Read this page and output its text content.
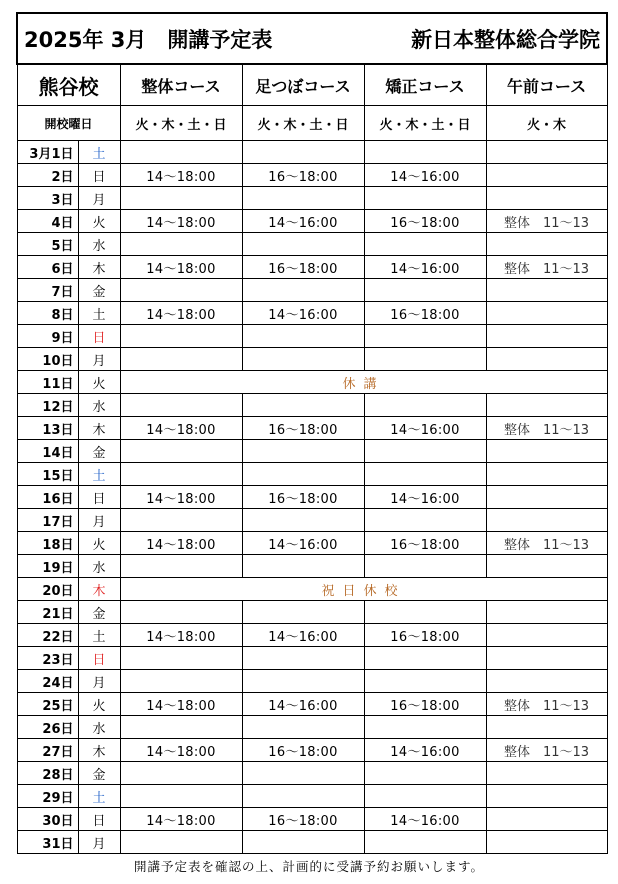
2025年 3月　開講予定表 新日本整体総合学院					

熊谷校		整体コース	足つぼコース	矯正コース	午前コース
開校曜日		火・木・土・日	火・木・土・日	火・木・土・日	火・木
3月1日	土				
2日	日	14～18:00	16～18:00	14～16:00	
3日	月				
4日	火	14～18:00	14～16:00	16～18:00	整体　11～13
5日	水				
6日	木	14～18:00	16～18:00	14～16:00	整体　11～13
7日	金				
8日	土	14～18:00	14～16:00	16～18:00	
9日	日				
10日	月				
11日	火	休講			
12日	水				
13日	木	14～18:00	16～18:00	14～16:00	整体　11～13
14日	金				
15日	土				
16日	日	14～18:00	16～18:00	14～16:00	
17日	月				
18日	火	14～18:00	14～16:00	16～18:00	整体　11～13
19日	水				
20日	木	祝日休校			
21日	金				
22日	土	14～18:00	14～16:00	16～18:00	
23日	日				
24日	月				
25日	火	14～18:00	14～16:00	16～18:00	整体　11～13
26日	水				
27日	木	14～18:00	16～18:00	14～16:00	整体　11～13
28日	金				
29日	土				
30日	日	14～18:00	16～18:00	14～16:00	
31日	月				
開講予定表を確認の上、計画的に受講予約お願いします。
